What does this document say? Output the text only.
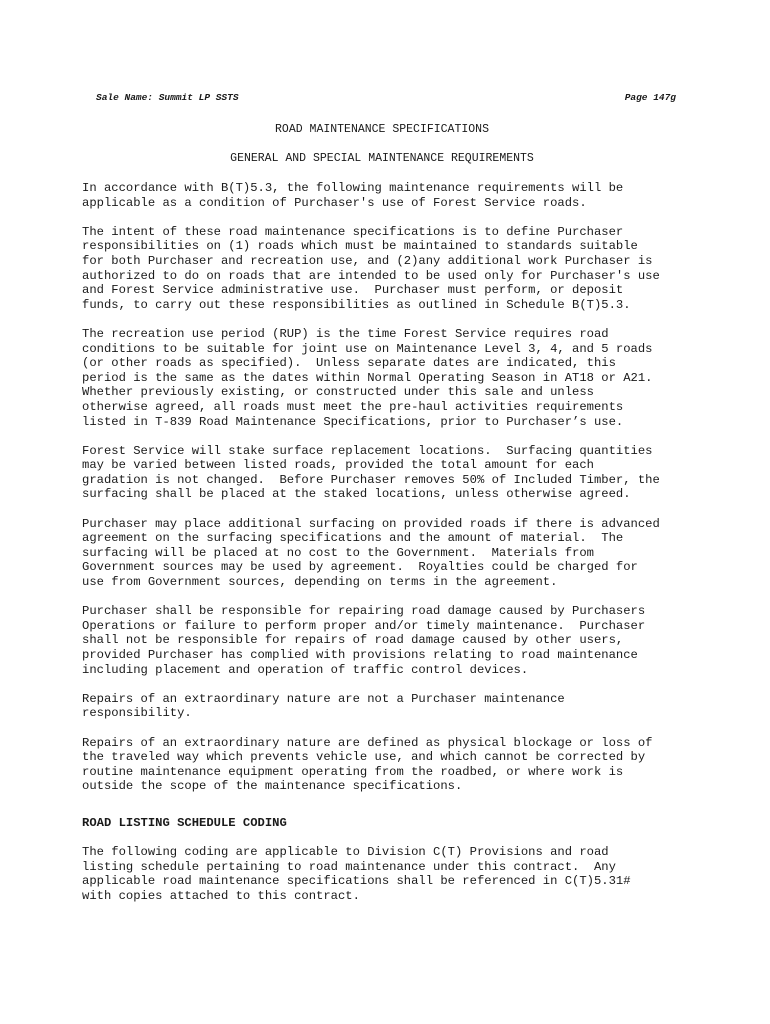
Sale Name: Summit LP SSTS	Page 147g
ROAD MAINTENANCE SPECIFICATIONS
GENERAL AND SPECIAL MAINTENANCE REQUIREMENTS

In accordance with B(T)5.3, the following maintenance requirements will be
applicable as a condition of Purchaser's use of Forest Service roads.

The intent of these road maintenance specifications is to define Purchaser
responsibilities on (1) roads which must be maintained to standards suitable
for both Purchaser and recreation use, and (2)any additional work Purchaser is
authorized to do on roads that are intended to be used only for Purchaser's use
and Forest Service administrative use.  Purchaser must perform, or deposit
funds, to carry out these responsibilities as outlined in Schedule B(T)5.3.

The recreation use period (RUP) is the time Forest Service requires road
conditions to be suitable for joint use on Maintenance Level 3, 4, and 5 roads
(or other roads as specified).  Unless separate dates are indicated, this
period is the same as the dates within Normal Operating Season in AT18 or A21.
Whether previously existing, or constructed under this sale and unless
otherwise agreed, all roads must meet the pre-haul activities requirements
listed in T-839 Road Maintenance Specifications, prior to Purchaser’s use.

Forest Service will stake surface replacement locations.  Surfacing quantities
may be varied between listed roads, provided the total amount for each
gradation is not changed.  Before Purchaser removes 50% of Included Timber, the
surfacing shall be placed at the staked locations, unless otherwise agreed.

Purchaser may place additional surfacing on provided roads if there is advanced
agreement on the surfacing specifications and the amount of material.  The
surfacing will be placed at no cost to the Government.  Materials from
Government sources may be used by agreement.  Royalties could be charged for
use from Government sources, depending on terms in the agreement.

Purchaser shall be responsible for repairing road damage caused by Purchasers
Operations or failure to perform proper and/or timely maintenance.  Purchaser
shall not be responsible for repairs of road damage caused by other users,
provided Purchaser has complied with provisions relating to road maintenance
including placement and operation of traffic control devices.

Repairs of an extraordinary nature are not a Purchaser maintenance
responsibility.

Repairs of an extraordinary nature are defined as physical blockage or loss of
the traveled way which prevents vehicle use, and which cannot be corrected by
routine maintenance equipment operating from the roadbed, or where work is
outside the scope of the maintenance specifications.

ROAD LISTING SCHEDULE CODING

The following coding are applicable to Division C(T) Provisions and road
listing schedule pertaining to road maintenance under this contract.  Any
applicable road maintenance specifications shall be referenced in C(T)5.31#
with copies attached to this contract.
